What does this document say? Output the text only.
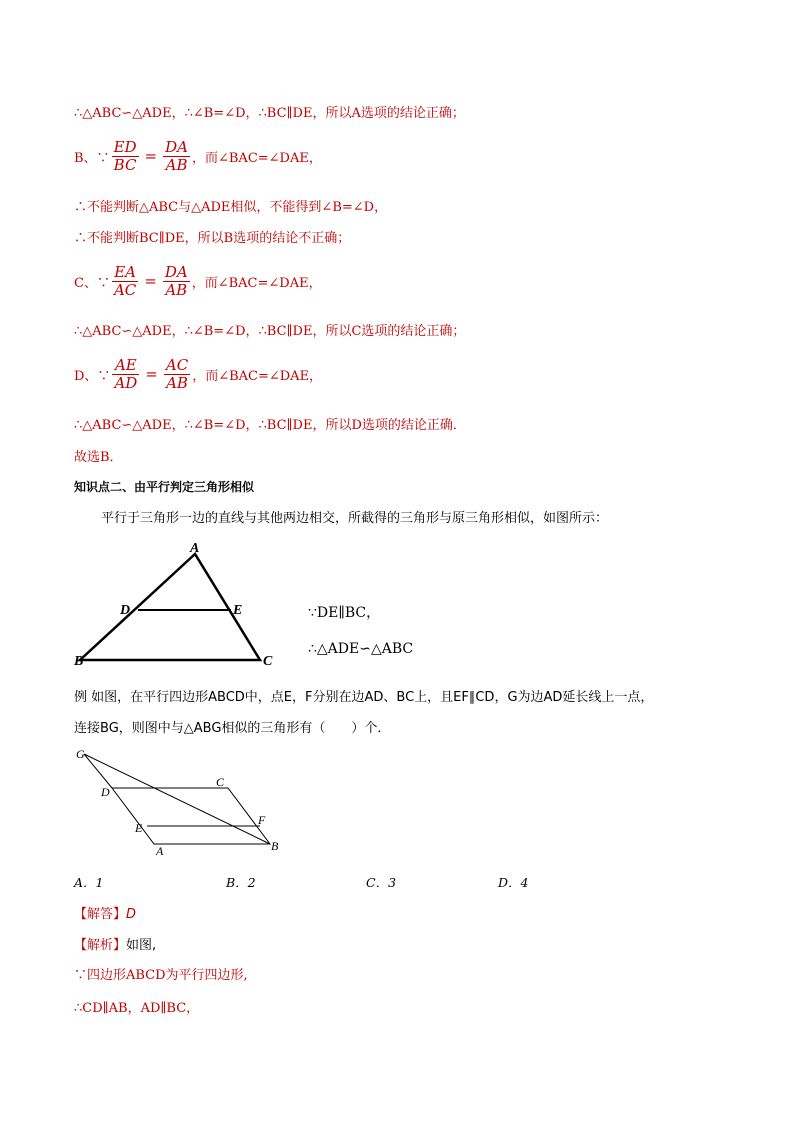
∴△ABC∽△ADE，∴∠B=∠D，∴BC∥DE，所以A选项的结论正确；
B、∵ $\frac{ED}{BC} = \frac{DA}{AB}$ ，而∠BAC=∠DAE，
∴不能判断△ABC与△ADE相似，不能得到∠B=∠D，
∴不能判断BC∥DE，所以B选项的结论不正确；
C、∵ $\frac{EA}{AC} = \frac{DA}{AB}$ ，而∠BAC=∠DAE，
∴△ABC∽△ADE，∴∠B=∠D，∴BC∥DE，所以C选项的结论正确；
D、∵ $\frac{AE}{AD} = \frac{AC}{AB}$ ，而∠BAC=∠DAE，
∴△ABC∽△ADE，∴∠B=∠D，∴BC∥DE，所以D选项的结论正确．
故选B．
知识点二、由平行判定三角形相似
平行于三角形一边的直线与其他两边相交，所截得的三角形与原三角形相似，如图所示：
A
D	E
B	C
∵DE∥BC，
∴△ADE∽△ABC
例 如图，在平行四边形ABCD中，点E，F分别在边AD、BC上，且EF∥CD，G为边AD延长线上一点，
连接BG，则图中与△ABG相似的三角形有（　　）个．
G
C
D
F
E
A	B
A．1	B．2	C．3	D．4
【解答】D
【解析】如图,
∵四边形ABCD为平行四边形,
∴CD∥AB，AD∥BC，
